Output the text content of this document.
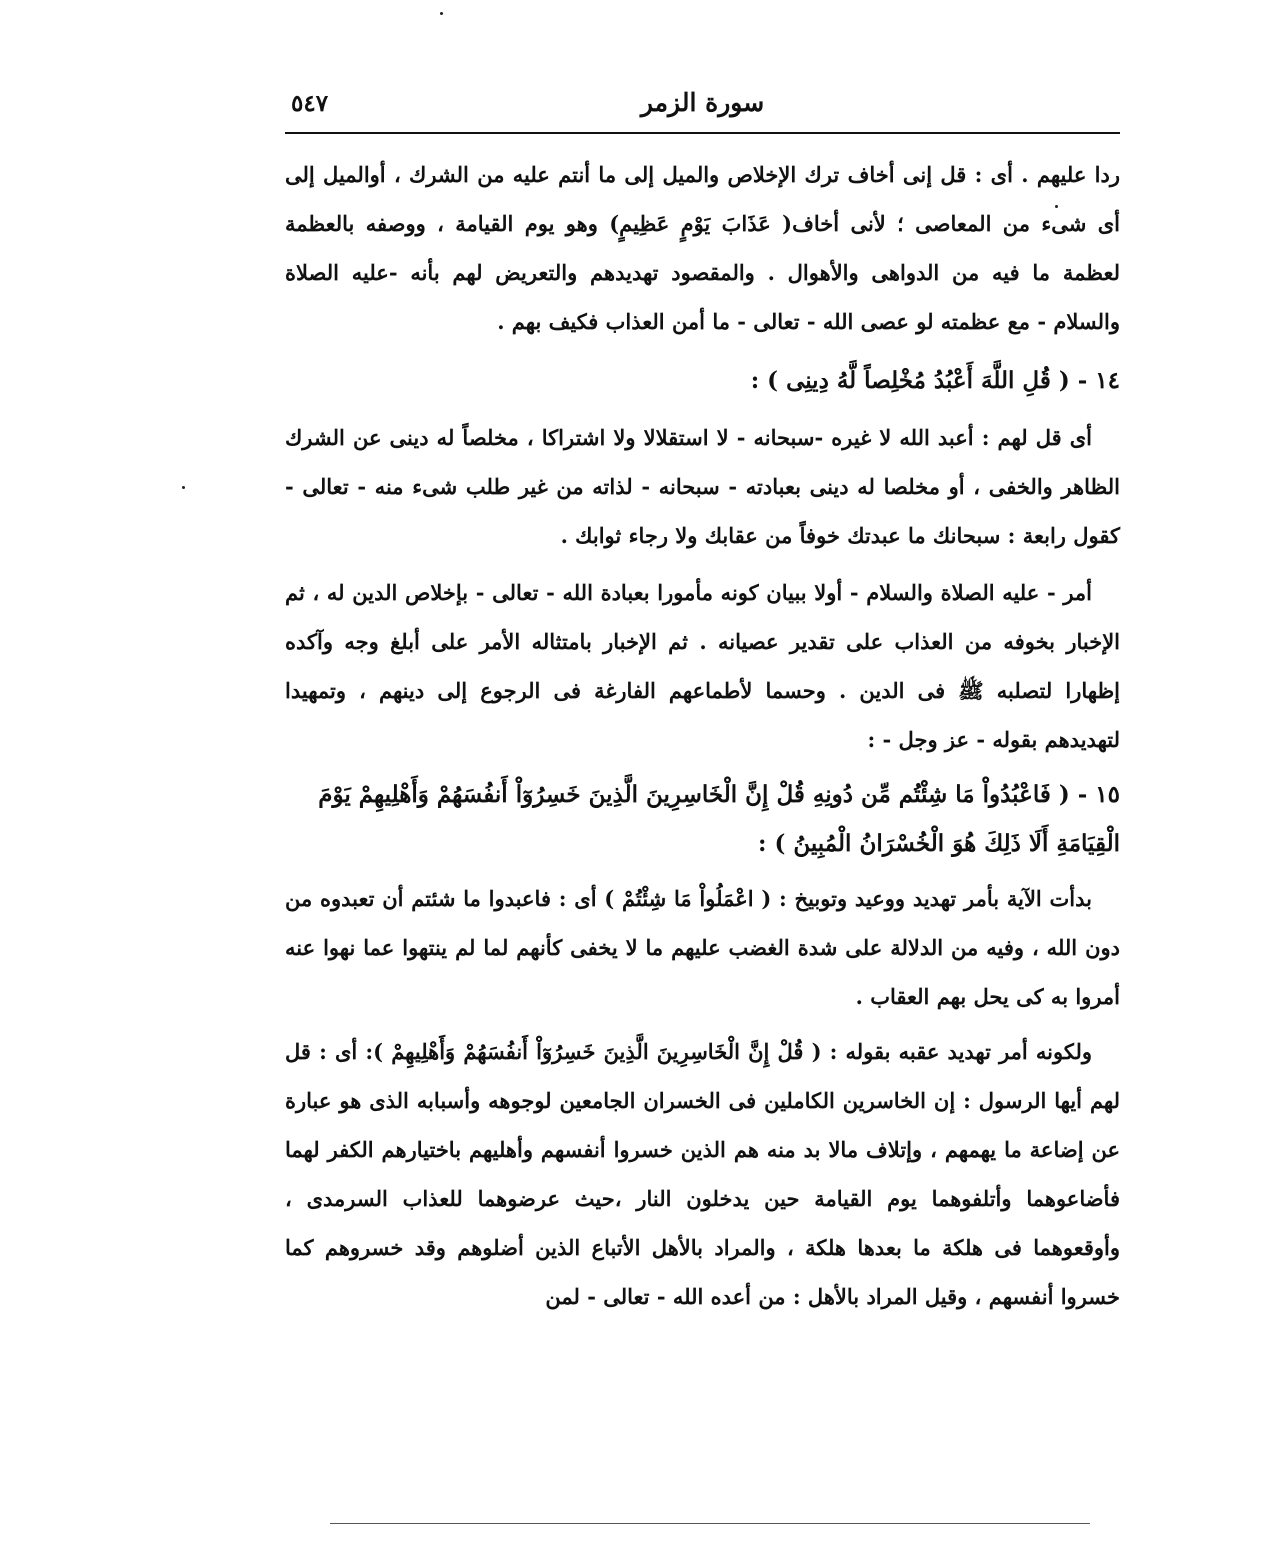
سورة الزمر
٥٤٧

ردا عليهم . أى : قل إنى أخاف ترك الإخلاص والميل إلى ما أنتم عليه من الشرك ، أوالميل إلى أى شىء من المعاصى ؛ لأنى أخاف( عَذَابَ يَوْمٍ عَظِيمٍ) وهو يوم القيامة ، ووصفه بالعظمة لعظمة ما فيه من الدواهى والأهوال . والمقصود تهديدهم والتعريض لهم بأنه -عليه الصلاة والسلام - مع عظمته لو عصى الله - تعالى - ما أمن العذاب فكيف بهم .

١٤ - ( قُلِ اللَّهَ أَعْبُدُ مُخْلِصاً لَّهُ دِينِى ) :

أى قل لهم : أعبد الله لا غيره -سبحانه - لا استقلالا ولا اشتراكا ، مخلصاً له دينى عن الشرك الظاهر والخفى ، أو مخلصا له دينى بعبادته - سبحانه - لذاته من غير طلب شىء منه - تعالى - كقول رابعة : سبحانك ما عبدتك خوفاً من عقابك ولا رجاء ثوابك .

أمر - عليه الصلاة والسلام - أولا ببيان كونه مأمورا بعبادة الله - تعالى - بإخلاص الدين له ، ثم الإخبار بخوفه من العذاب على تقدير عصيانه . ثم الإخبار بامتثاله الأمر على أبلغ وجه وآكده إظهارا لتصلبه ﷺ فى الدين . وحسما لأطماعهم الفارغة فى الرجوع إلى دينهم ، وتمهيدا لتهديدهم بقوله - عز وجل - :

١٥ - ( فَاعْبُدُواْ مَا شِئْتُم مِّن دُونِهِ قُلْ إِنَّ الْخَاسِرِينَ الَّذِينَ خَسِرُوٓاْ أَنفُسَهُمْ وَأَهْلِيهِمْ يَوْمَ الْقِيَامَةِ أَلَا ذَلِكَ هُوَ الْخُسْرَانُ الْمُبِينُ ) :

بدأت الآية بأمر تهديد ووعيد وتوبيخ : ( اعْمَلُواْ مَا شِئْتُمْ ) أى : فاعبدوا ما شئتم أن تعبدوه من دون الله ، وفيه من الدلالة على شدة الغضب عليهم ما لا يخفى كأنهم لما لم ينتهوا عما نهوا عنه أمروا به كى يحل بهم العقاب .

ولكونه أمر تهديد عقبه بقوله : ( قُلْ إِنَّ الْخَاسِرِينَ الَّذِينَ خَسِرُوٓاْ أَنفُسَهُمْ وَأَهْلِيهِمْ ): أى : قل لهم أيها الرسول : إن الخاسرين الكاملين فى الخسران الجامعين لوجوهه وأسبابه الذى هو عبارة عن إضاعة ما يهمهم ، وإتلاف مالا بد منه هم الذين خسروا أنفسهم وأهليهم باختيارهم الكفر لهما فأضاعوهما وأتلفوهما يوم القيامة حين يدخلون النار ،حيث عرضوهما للعذاب السرمدى ، وأوقعوهما فى هلكة ما بعدها هلكة ، والمراد بالأهل الأتباع الذين أضلوهم وقد خسروهم كما خسروا أنفسهم ، وقيل المراد بالأهل : من أعده الله - تعالى - لمن
